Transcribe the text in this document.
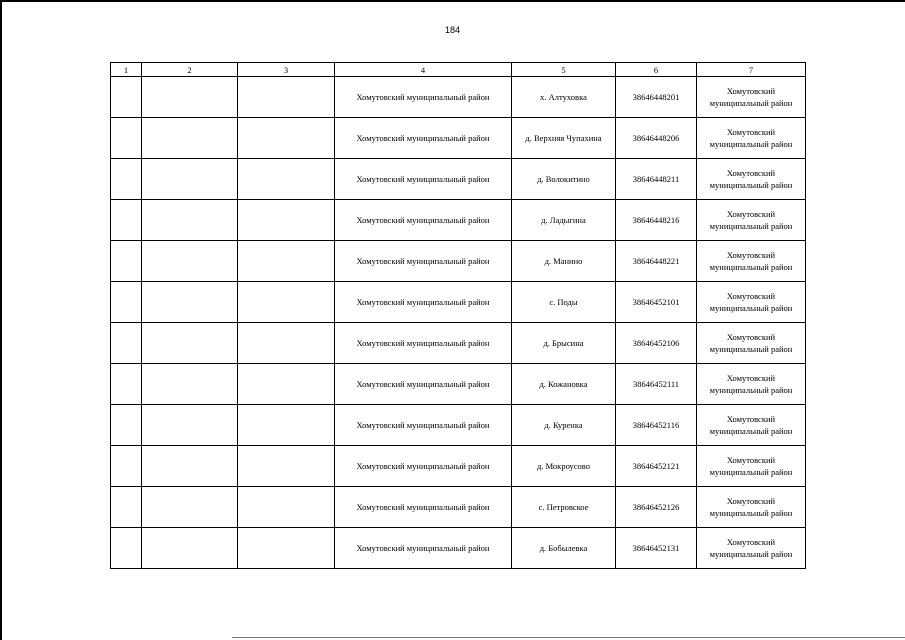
184
1	2	3	4	5	6	7
			Хомутовский муниципальный район	х. Алтуховка	38646448201	Хомутовский
муниципальный район

			Хомутовский муниципальный район	д. Верхняя Чупахина	38646448206	Хомутовский
муниципальный район

			Хомутовский муниципальный район	д. Волокитино	38646448211	Хомутовский
муниципальный район

			Хомутовский муниципальный район	д. Ладыгина	38646448216	Хомутовский
муниципальный район

			Хомутовский муниципальный район	д. Манино	38646448221	Хомутовский
муниципальный район

			Хомутовский муниципальный район	с. Поды	38646452101	Хомутовский
муниципальный район

			Хомутовский муниципальный район	д. Брысина	38646452106	Хомутовский
муниципальный район

			Хомутовский муниципальный район	д. Кожановка	38646452111	Хомутовский
муниципальный район

			Хомутовский муниципальный район	д. Куренка	38646452116	Хомутовский
муниципальный район

			Хомутовский муниципальный район	д. Мокроусово	38646452121	Хомутовский
муниципальный район

			Хомутовский муниципальный район	с. Петровское	38646452126	Хомутовский
муниципальный район

			Хомутовский муниципальный район	д. Бобылевка	38646452131	Хомутовский
муниципальный район
